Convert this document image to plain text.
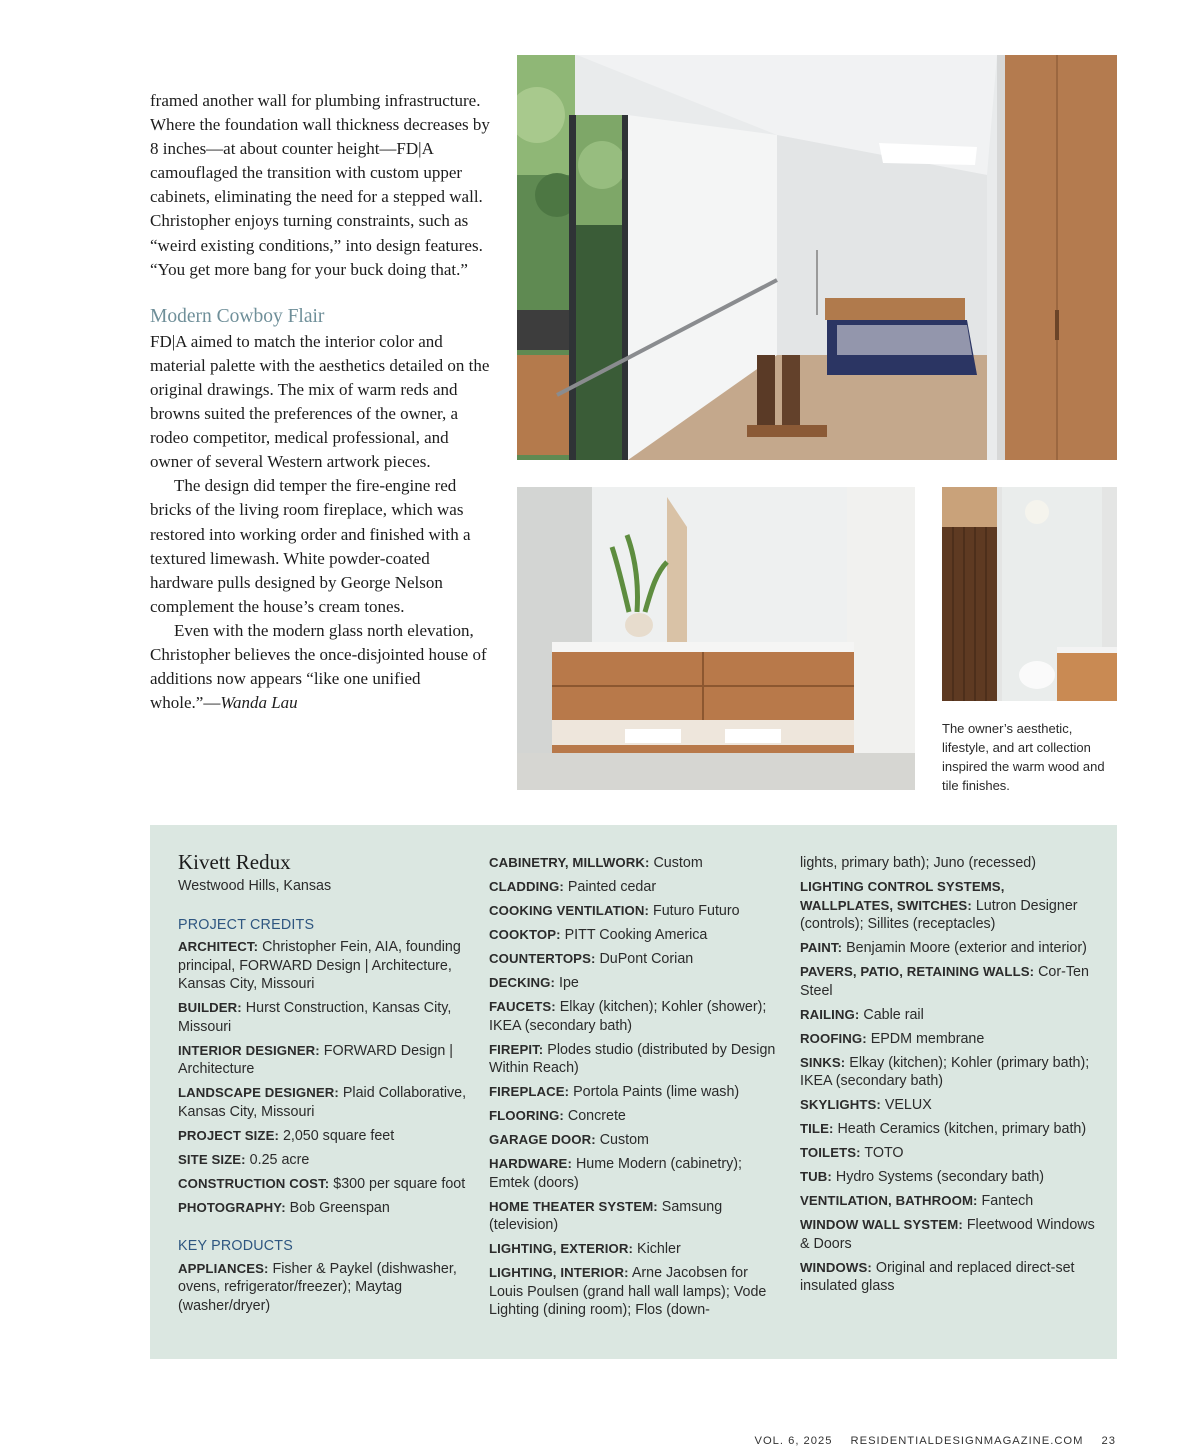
framed another wall for plumbing infrastructure. Where the foundation wall thickness decreases by 8 inches—at about counter height—FD|A camouflaged the transition with custom upper cabinets, eliminating the need for a stepped wall. Christopher enjoys turning constraints, such as “weird existing conditions,” into design features. “You get more bang for your buck doing that.”

Modern Cowboy Flair

FD|A aimed to match the interior color and material palette with the aesthetics detailed on the original drawings. The mix of warm reds and browns suited the preferences of the owner, a rodeo competitor, medical professional, and owner of several Western artwork pieces.

The design did temper the fire-engine red bricks of the living room fireplace, which was restored into working order and finished with a textured limewash. White powder-coated hardware pulls designed by George Nelson complement the house’s cream tones.

Even with the modern glass north elevation, Christopher believes the once-disjointed house of additions now appears “like one unified whole.”—Wanda Lau

The owner’s aesthetic, lifestyle, and art collection inspired the warm wood and tile finishes.
Kivett Redux
Westwood Hills, Kansas
PROJECT CREDITS
ARCHITECT: Christopher Fein, AIA, founding principal, FORWARD Design | Architecture, Kansas City, Missouri
BUILDER: Hurst Construction, Kansas City, Missouri
INTERIOR DESIGNER: FORWARD Design | Architecture
LANDSCAPE DESIGNER: Plaid Collaborative, Kansas City, Missouri
PROJECT SIZE: 2,050 square feet
SITE SIZE: 0.25 acre
CONSTRUCTION COST: $300 per square foot
PHOTOGRAPHY: Bob Greenspan
KEY PRODUCTS
APPLIANCES: Fisher & Paykel (dishwasher, ovens, refrigerator/freezer); Maytag (washer/dryer)
CABINETRY, MILLWORK: Custom
CLADDING: Painted cedar
COOKING VENTILATION: Futuro Futuro
COOKTOP: PITT Cooking America
COUNTERTOPS: DuPont Corian
DECKING: Ipe
FAUCETS: Elkay (kitchen); Kohler (shower); IKEA (secondary bath)
FIREPIT: Plodes studio (distributed by Design Within Reach)
FIREPLACE: Portola Paints (lime wash)
FLOORING: Concrete
GARAGE DOOR: Custom
HARDWARE: Hume Modern (cabinetry); Emtek (doors)
HOME THEATER SYSTEM: Samsung (television)
LIGHTING, EXTERIOR: Kichler
LIGHTING, INTERIOR: Arne Jacobsen for Louis Poulsen (grand hall wall lamps); Vode Lighting (dining room); Flos (down-
lights, primary bath); Juno (recessed)
LIGHTING CONTROL SYSTEMS, WALLPLATES, SWITCHES: Lutron Designer (controls); Sillites (receptacles)
PAINT: Benjamin Moore (exterior and interior)
PAVERS, PATIO, RETAINING WALLS: Cor-Ten Steel
RAILING: Cable rail
ROOFING: EPDM membrane
SINKS: Elkay (kitchen); Kohler (primary bath); IKEA (secondary bath)
SKYLIGHTS: VELUX
TILE: Heath Ceramics (kitchen, primary bath)
TOILETS: TOTO
TUB: Hydro Systems (secondary bath)
VENTILATION, BATHROOM: Fantech
WINDOW WALL SYSTEM: Fleetwood Windows & Doors
WINDOWS: Original and replaced direct-set insulated glass
VOL. 6, 2025 RESIDENTIALDESIGNMAGAZINE.COM 23
